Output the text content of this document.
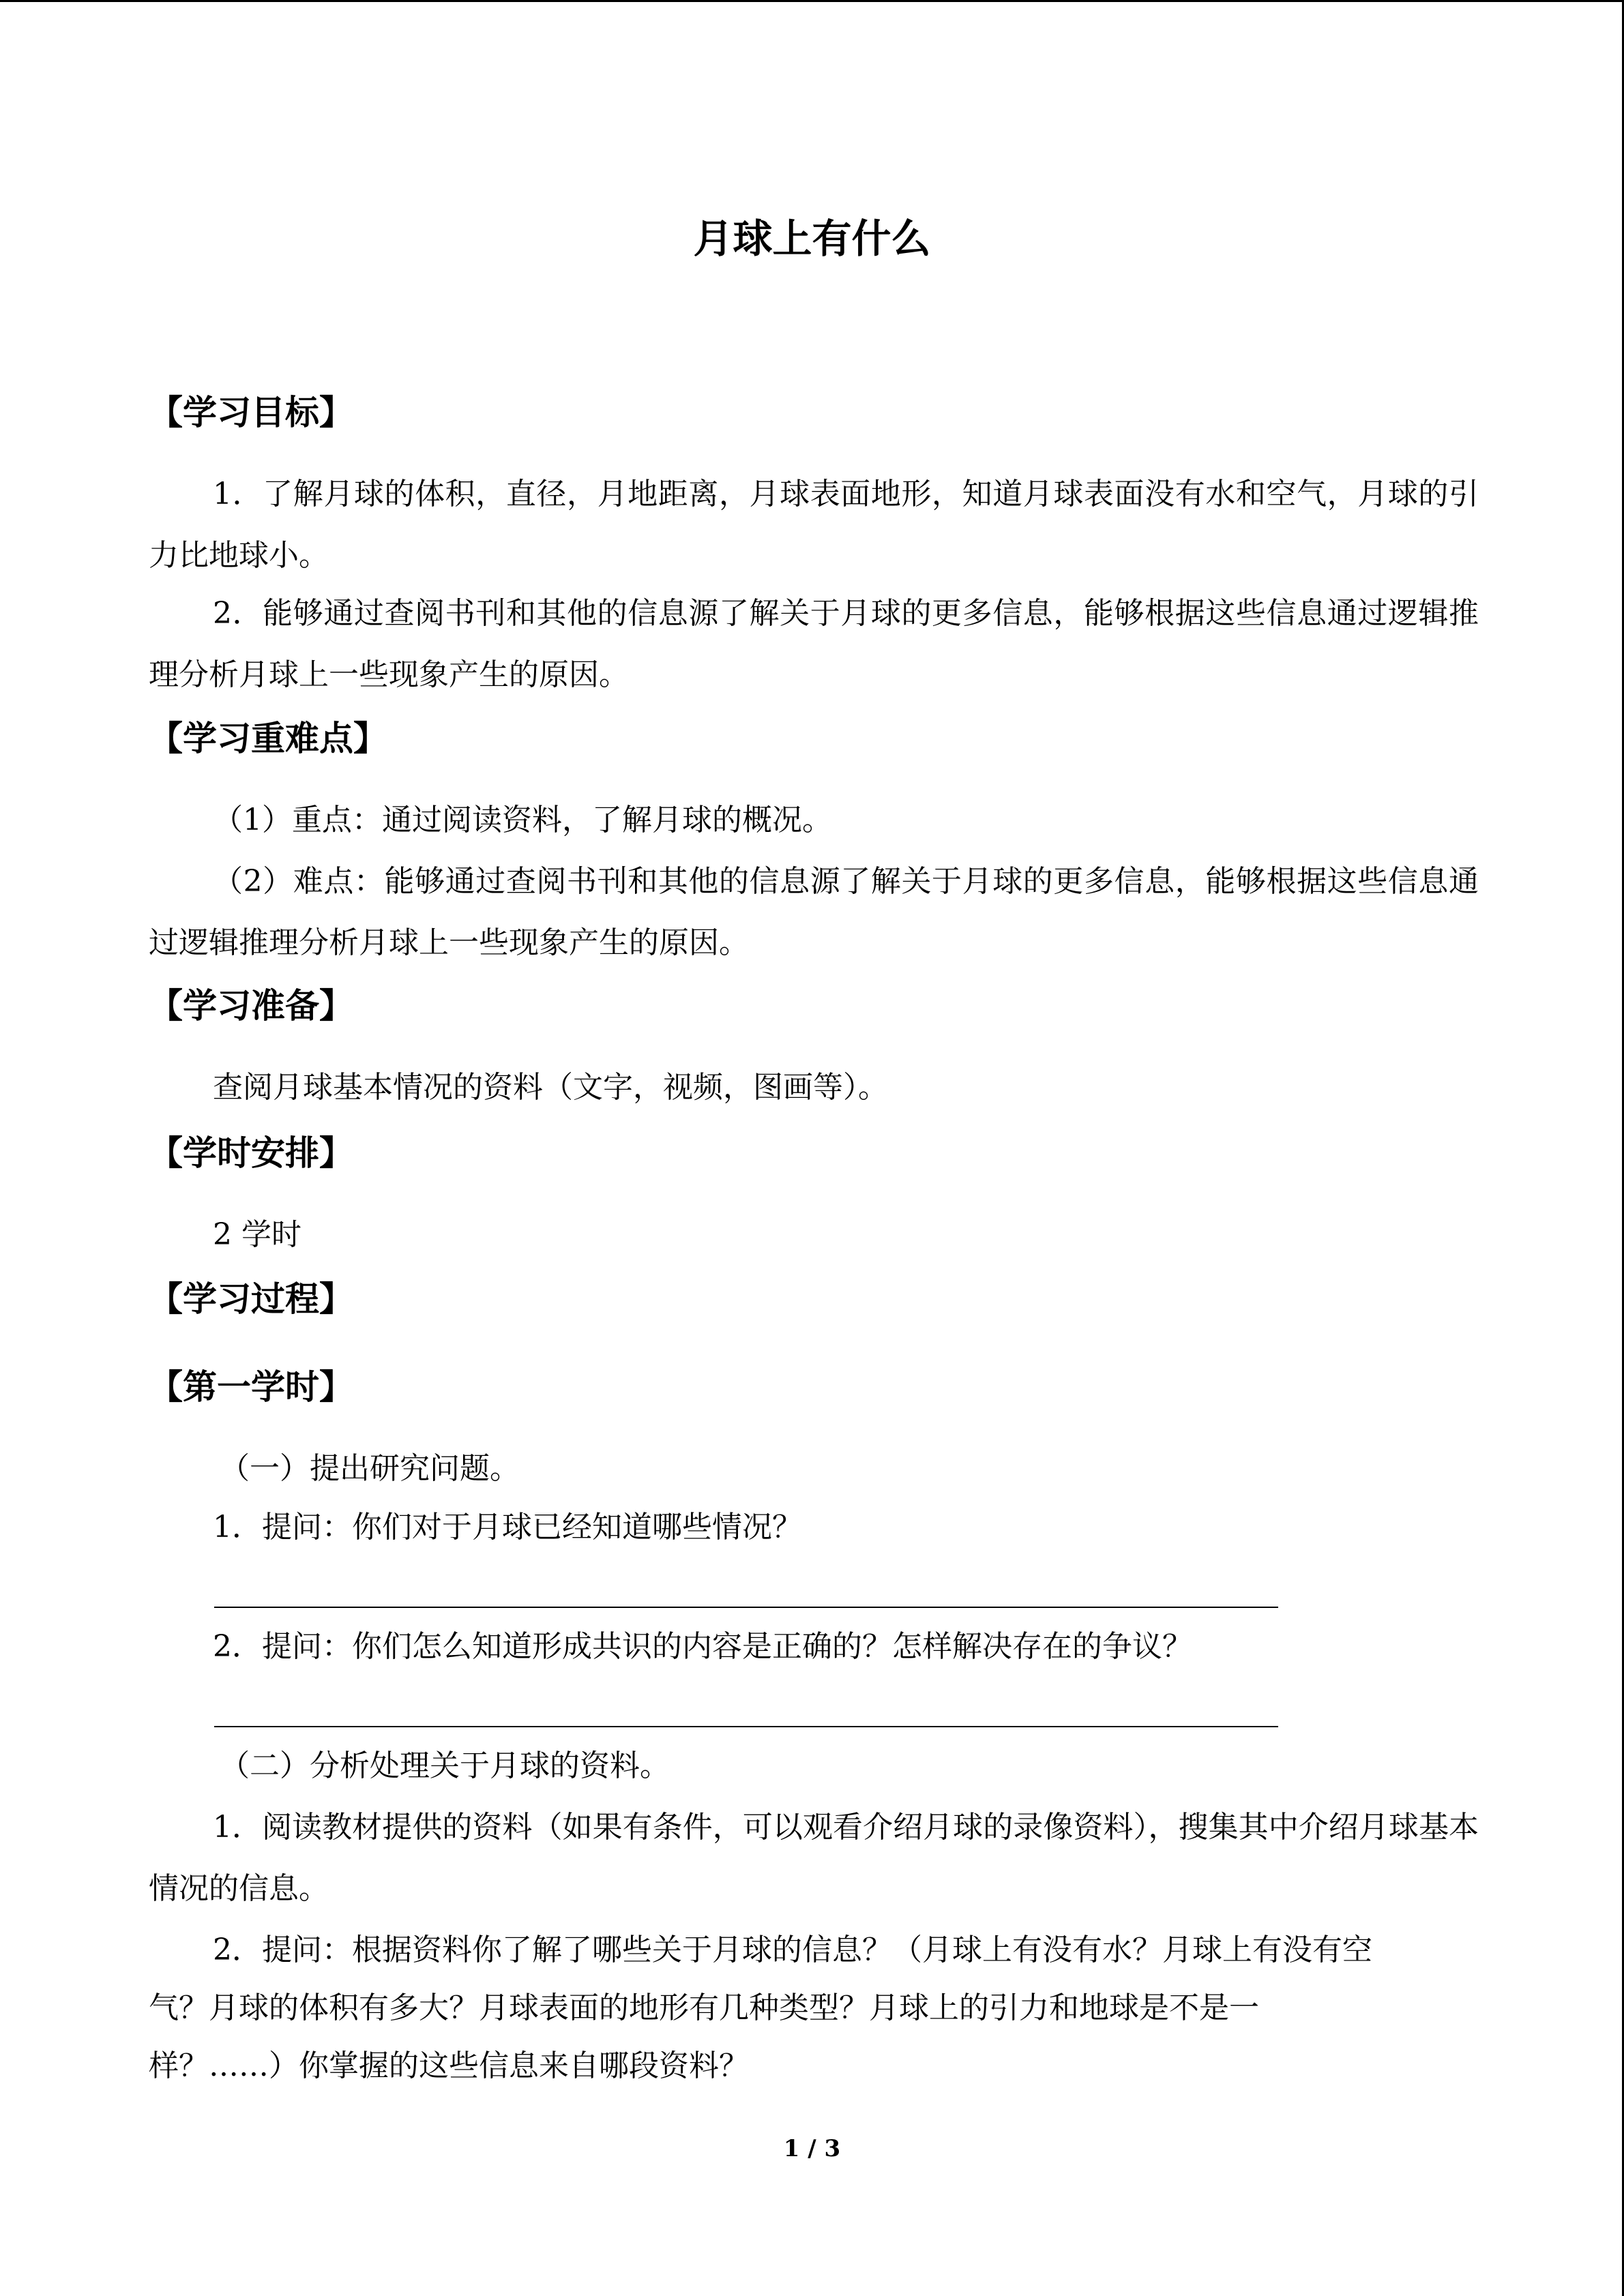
月球上有什么
【学习目标】
1．了解月球的体积，直径，月地距离，月球表面地形，知道月球表面没有水和空气，月球的引力比地球小。
2．能够通过查阅书刊和其他的信息源了解关于月球的更多信息，能够根据这些信息通过逻辑推理分析月球上一些现象产生的原因。
【学习重难点】
（1）重点：通过阅读资料，了解月球的概况。
（2）难点：能够通过查阅书刊和其他的信息源了解关于月球的更多信息，能够根据这些信息通过逻辑推理分析月球上一些现象产生的原因。
【学习准备】
查阅月球基本情况的资料（文字，视频，图画等）。
【学时安排】
2 学时
【学习过程】
【第一学时】
（一）提出研究问题。
1．提问：你们对于月球已经知道哪些情况？
2．提问：你们怎么知道形成共识的内容是正确的？怎样解决存在的争议？
（二）分析处理关于月球的资料。
1．阅读教材提供的资料（如果有条件，可以观看介绍月球的录像资料），搜集其中介绍月球基本情况的信息。
2．提问：根据资料你了解了哪些关于月球的信息？（月球上有没有水？月球上有没有空
气？月球的体积有多大？月球表面的地形有几种类型？月球上的引力和地球是不是一
样？……）你掌握的这些信息来自哪段资料？
1 / 3
